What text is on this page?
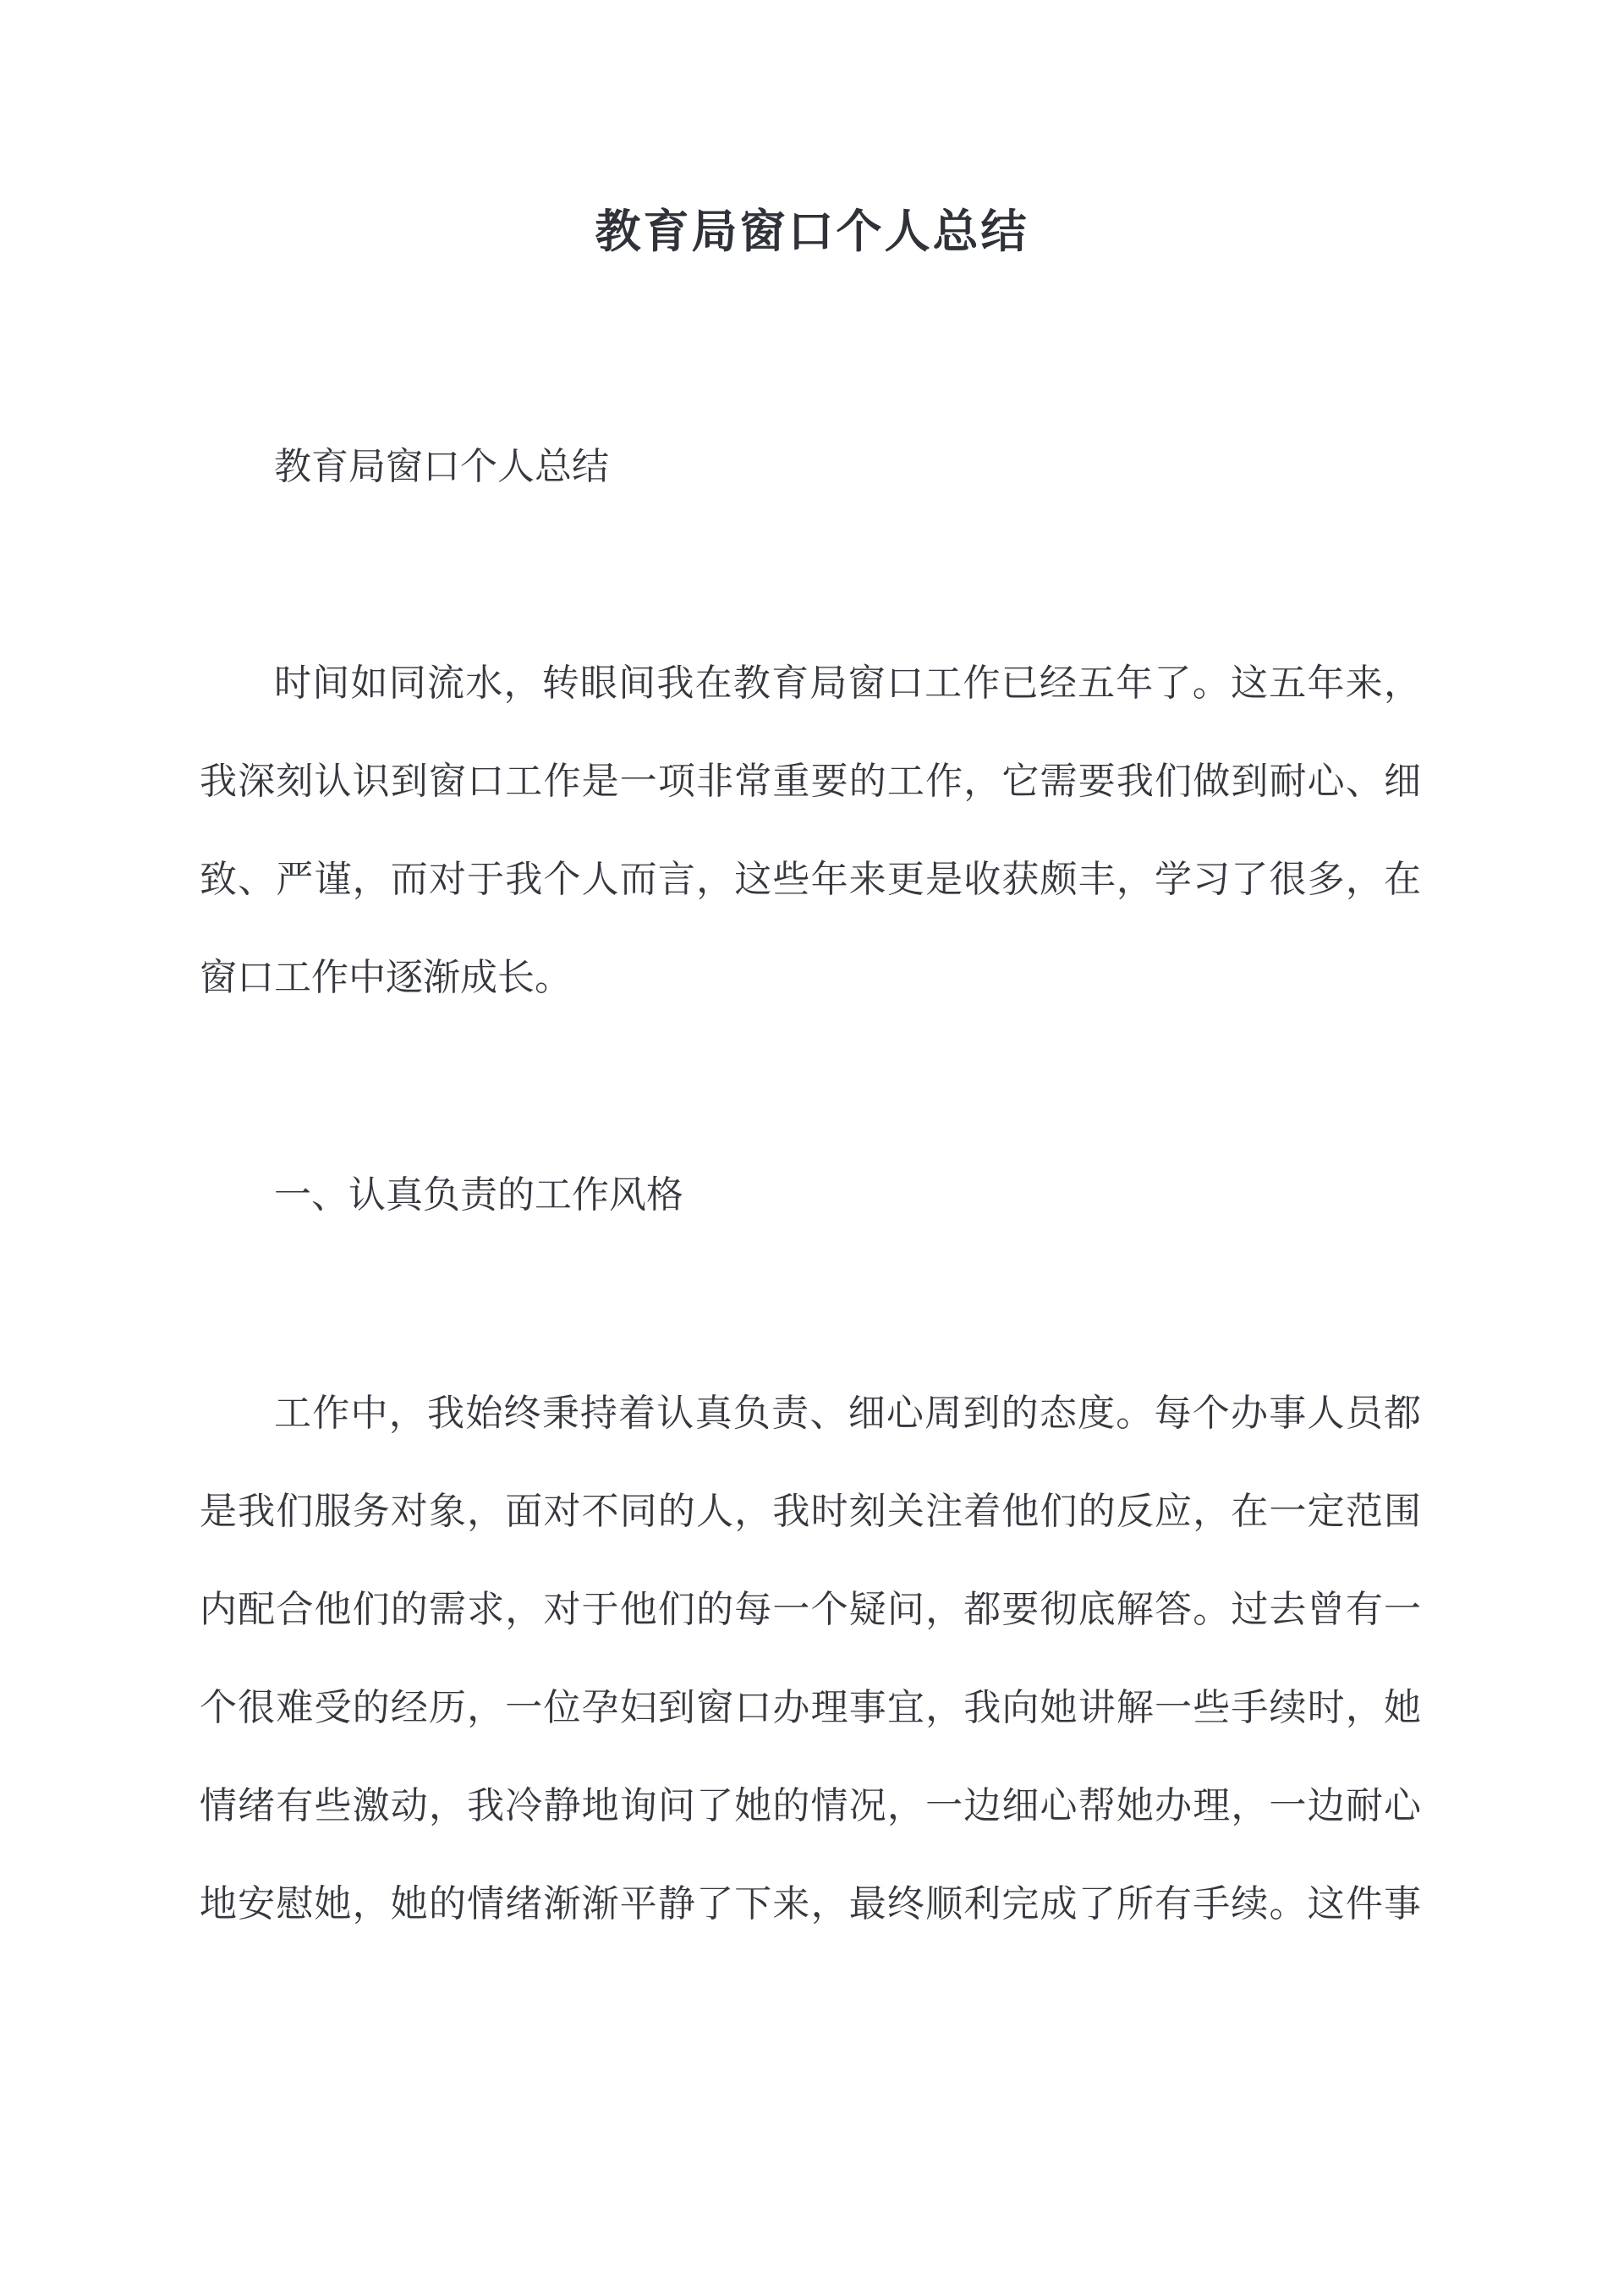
教育局窗口个人总结

教育局窗口个人总结

时间如同流水，转眼间我在教育局窗口工作已经五年了。这五年来，
我深刻认识到窗口工作是一项非常重要的工作，它需要我们做到耐心、细
致、严谨，而对于我个人而言，这些年来更是收获颇丰，学习了很多，在
窗口工作中逐渐成长。

一、认真负责的工作风格

工作中，我始终秉持着认真负责、细心周到的态度。每个办事人员都
是我们服务对象，面对不同的人，我时刻关注着他们的反应，在一定范围
内配合他们的需求，对于他们的每一个疑问，都要彻底解答。过去曾有一
个很难受的经历，一位孕妇到窗口办理事宜，我向她讲解一些手续时，她
情绪有些激动，我冷静地询问了她的情况，一边细心帮她办理，一边耐心
地安慰她，她的情绪渐渐平静了下来，最终顺利完成了所有手续。这件事
